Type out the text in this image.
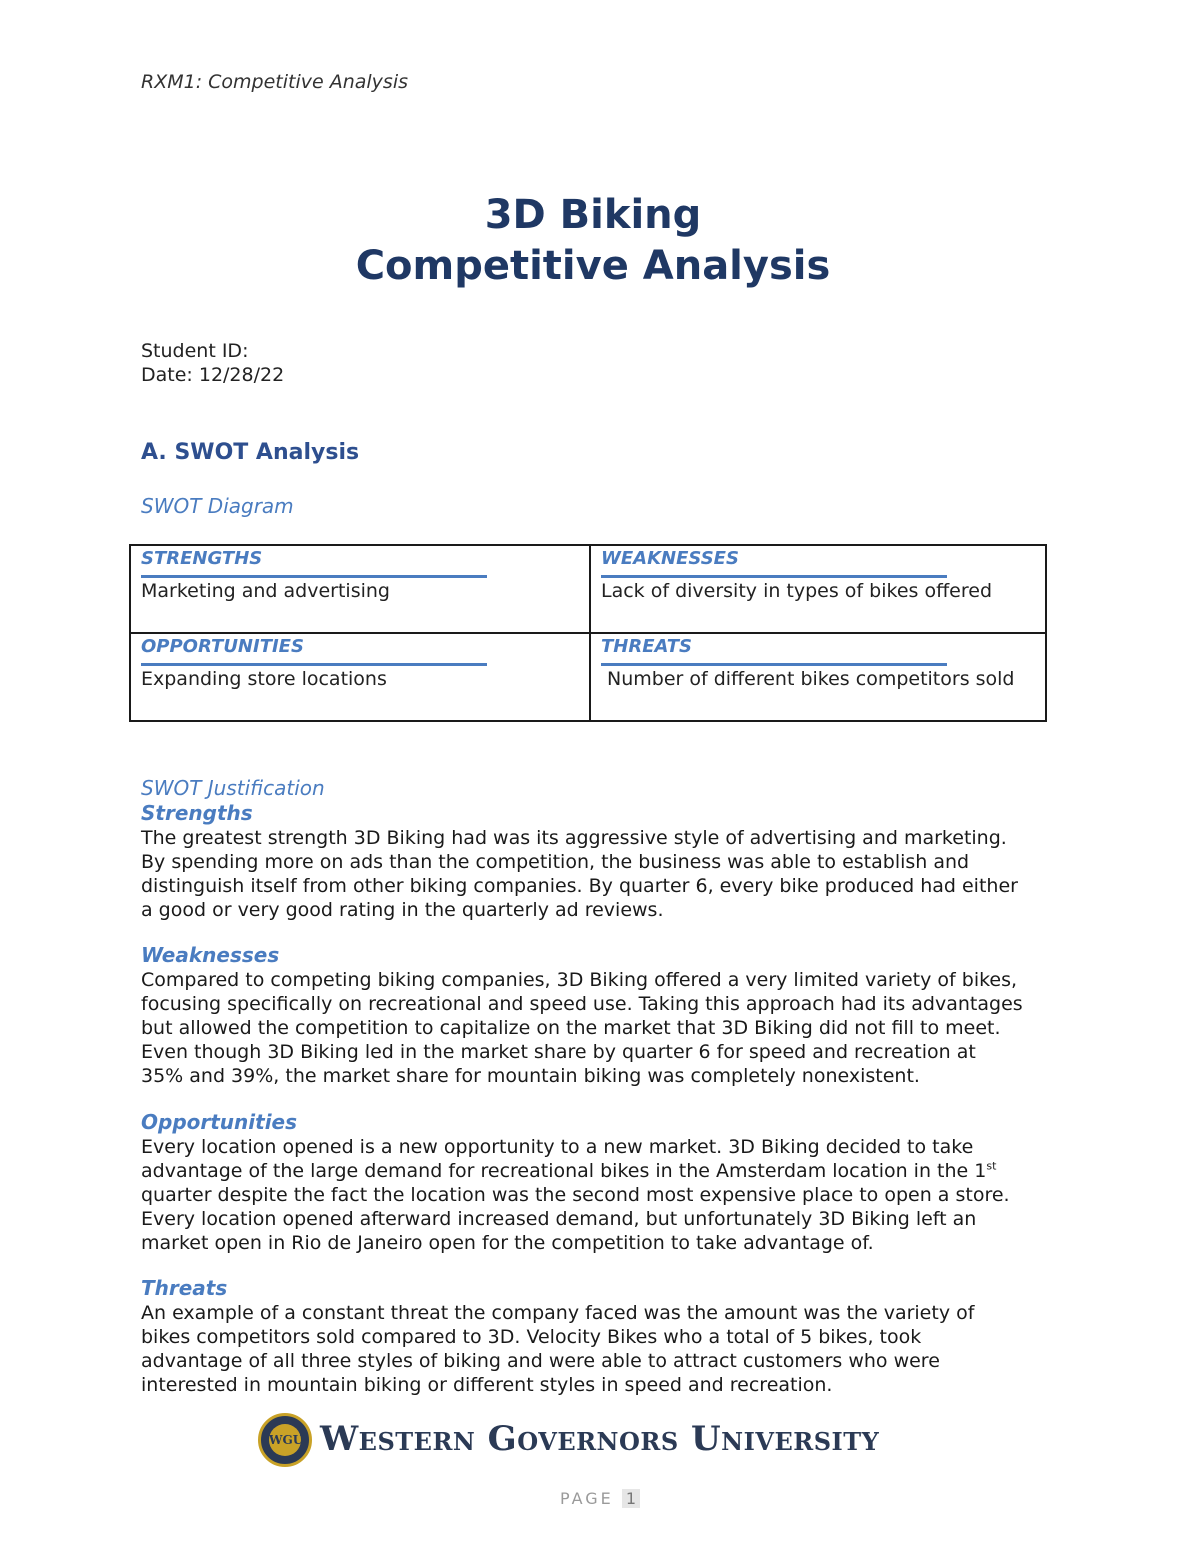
RXM1: Competitive Analysis
3D Biking
Competitive Analysis
Student ID:
Date: 12/28/22
A. SWOT Analysis
SWOT Diagram
STRENGTHS
Marketing and advertising
WEAKNESSES
Lack of diversity in types of bikes offered
OPPORTUNITIES
Expanding store locations
THREATS
Number of different bikes competitors sold
SWOT Justification
Strengths
The greatest strength 3D Biking had was its aggressive style of advertising and marketing.
By spending more on ads than the competition, the business was able to establish and
distinguish itself from other biking companies. By quarter 6, every bike produced had either
a good or very good rating in the quarterly ad reviews.
Weaknesses
Compared to competing biking companies, 3D Biking offered a very limited variety of bikes,
focusing specifically on recreational and speed use. Taking this approach had its advantages
but allowed the competition to capitalize on the market that 3D Biking did not fill to meet.
Even though 3D Biking led in the market share by quarter 6 for speed and recreation at
35% and 39%, the market share for mountain biking was completely nonexistent.
Opportunities
Every location opened is a new opportunity to a new market. 3D Biking decided to take
advantage of the large demand for recreational bikes in the Amsterdam location in the 1st
quarter despite the fact the location was the second most expensive place to open a store.
Every location opened afterward increased demand, but unfortunately 3D Biking left an
market open in Rio de Janeiro open for the competition to take advantage of.
Threats
An example of a constant threat the company faced was the amount was the variety of
bikes competitors sold compared to 3D. Velocity Bikes who a total of 5 bikes, took
advantage of all three styles of biking and were able to attract customers who were
interested in mountain biking or different styles in speed and recreation.
WGU Western Governors University
PAGE 1
